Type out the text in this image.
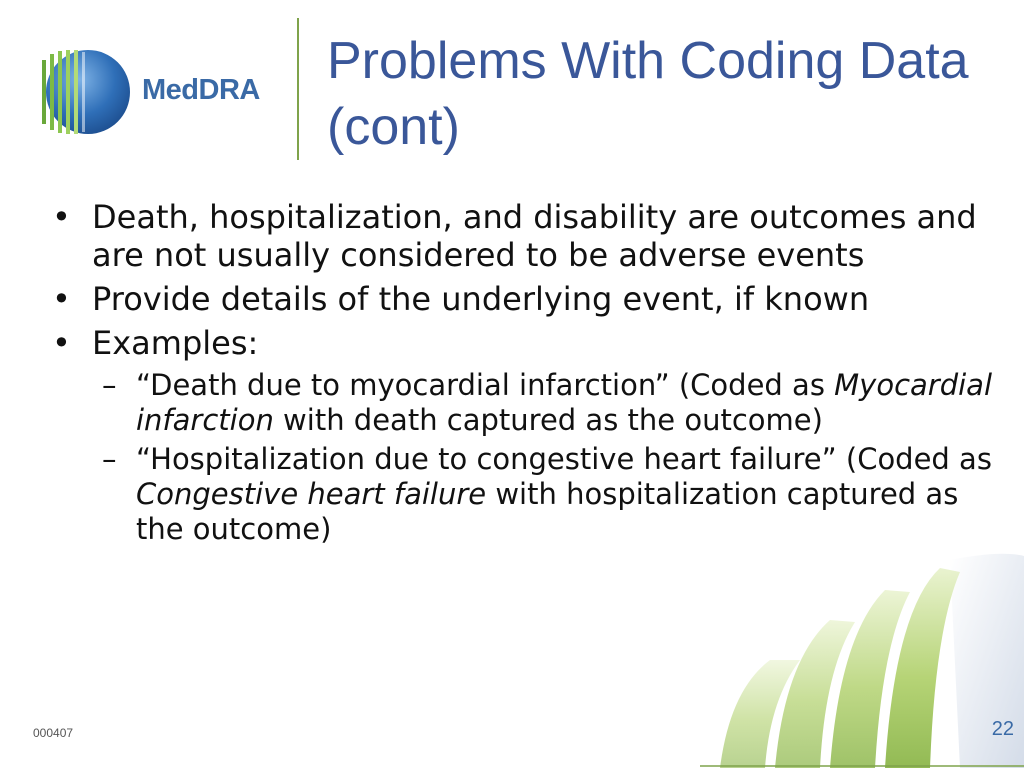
MedDRA Problems With Coding Data (cont)

• Death, hospitalization, and disability are outcomes and are not usually considered to be adverse events

• Provide details of the underlying event, if known

• Examples:

– “Death due to myocardial infarction” (Coded as Myocardial infarction with death captured as the outcome)

– “Hospitalization due to congestive heart failure” (Coded as Congestive heart failure with hospitalization captured as the outcome)

000407	22
